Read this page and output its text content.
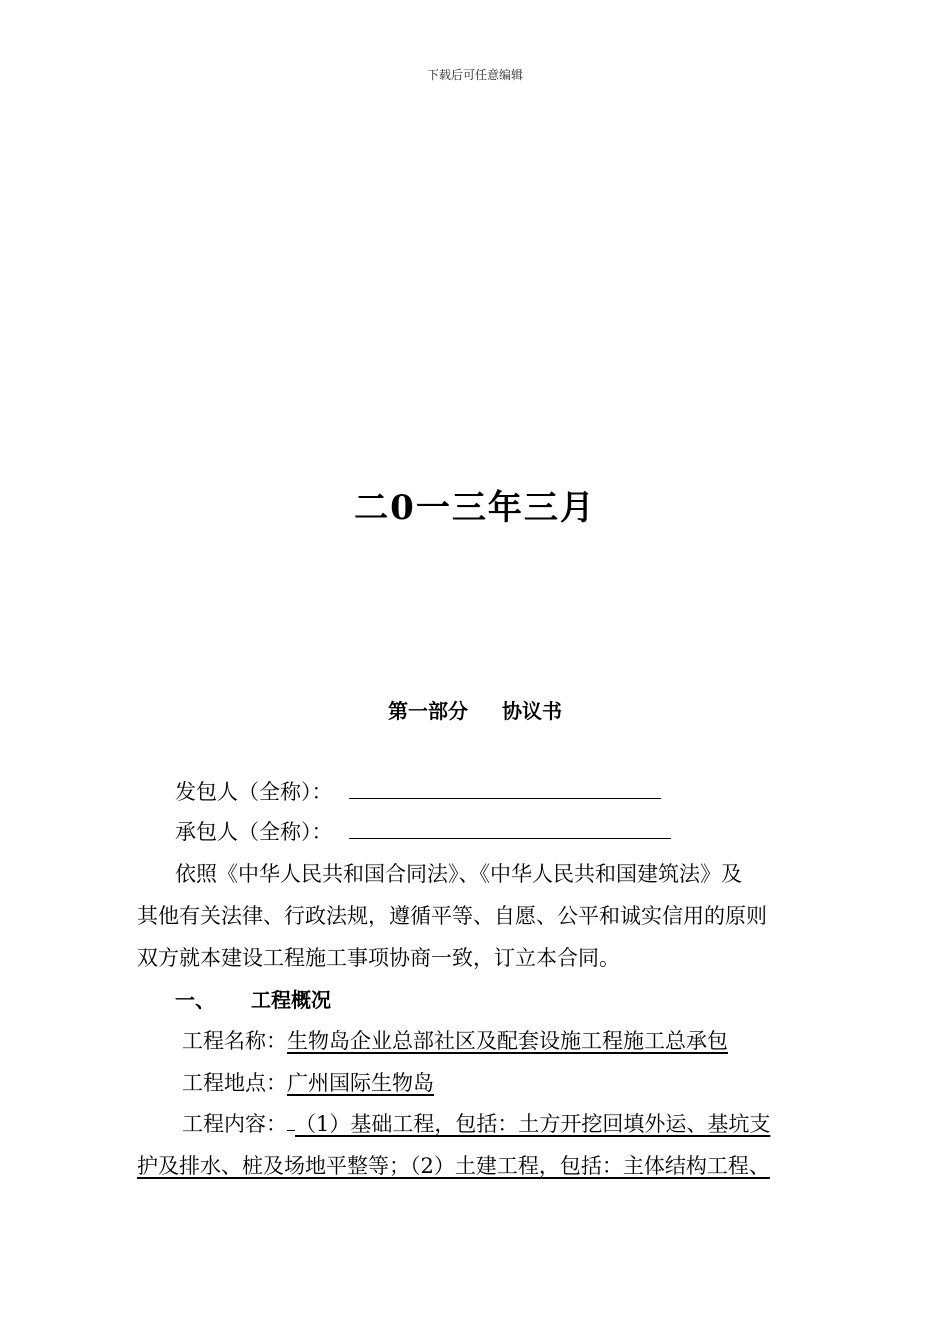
下载后可任意编辑
二0一三年三月
第一部分 协议书
发包人（全称）：
承包人（全称）：
依照《中华人民共和国合同法》、《中华人民共和国建筑法》及
其他有关法律、行政法规，遵循平等、自愿、公平和诚实信用的原则
双方就本建设工程施工事项协商一致，订立本合同。
一、 工程概况
工程名称：生物岛企业总部社区及配套设施工程施工总承包
工程地点：广州国际生物岛
工程内容： （1）基础工程，包括：土方开挖回填外运、基坑支
护及排水、桩及场地平整等；（2）土建工程，包括：主体结构工程、
